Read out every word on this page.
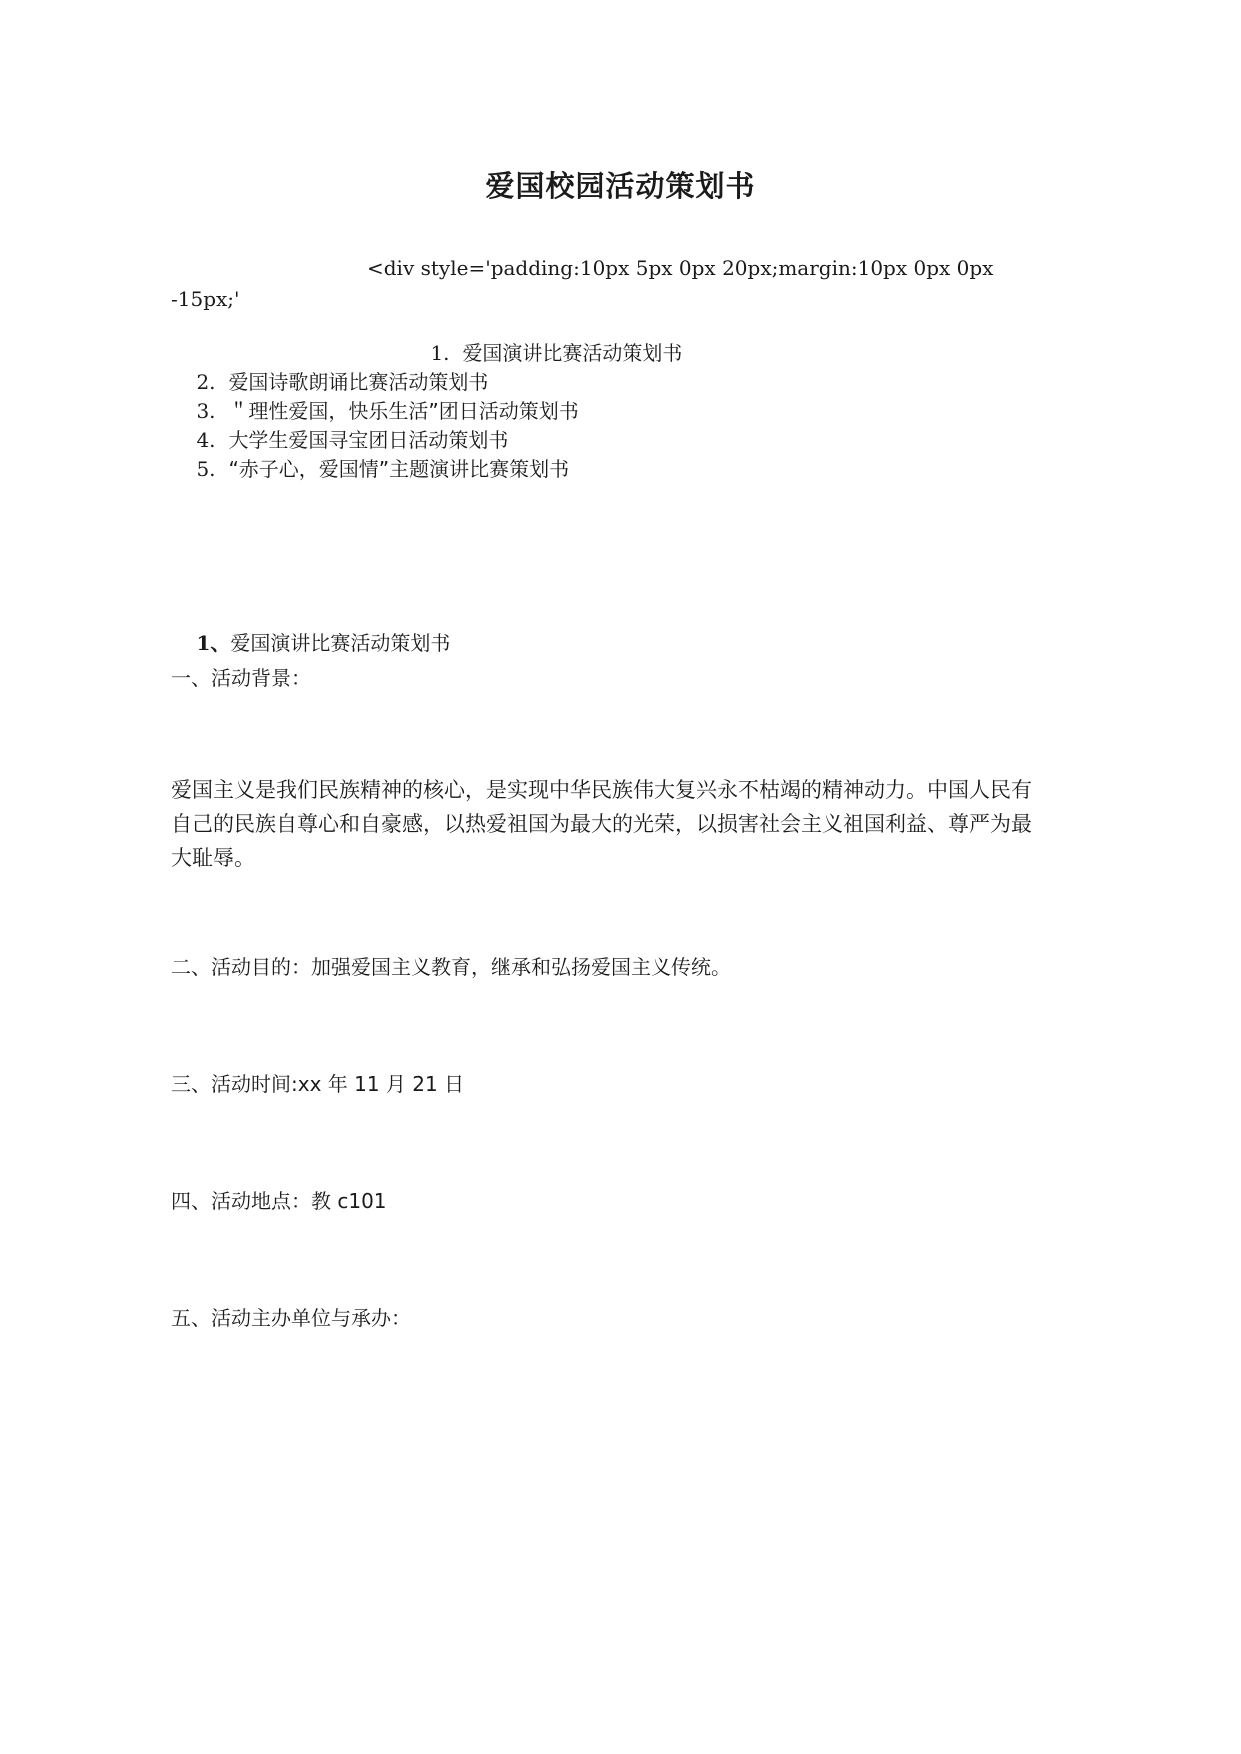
爱国校园活动策划书
<div style='padding:10px 5px 0px 20px;margin:10px 0px 0px
-15px;'

1. 爱国演讲比赛活动策划书

2. 爱国诗歌朗诵比赛活动策划书

3. ＂理性爱国，快乐生活”团日活动策划书

4. 大学生爱国寻宝团日活动策划书

5. “赤子心，爱国情”主题演讲比赛策划书

1、爱国演讲比赛活动策划书

一、活动背景：
爱国主义是我们民族精神的核心，是实现中华民族伟大复兴永不枯竭的精神动力。中国人民有自己的民族自尊心和自豪感，以热爱祖国为最大的光荣，以损害社会主义祖国利益、尊严为最大耻辱。
二、活动目的：加强爱国主义教育，继承和弘扬爱国主义传统。
三、活动时间:xx 年 11 月 21 日
四、活动地点：教 c101
五、活动主办单位与承办：
